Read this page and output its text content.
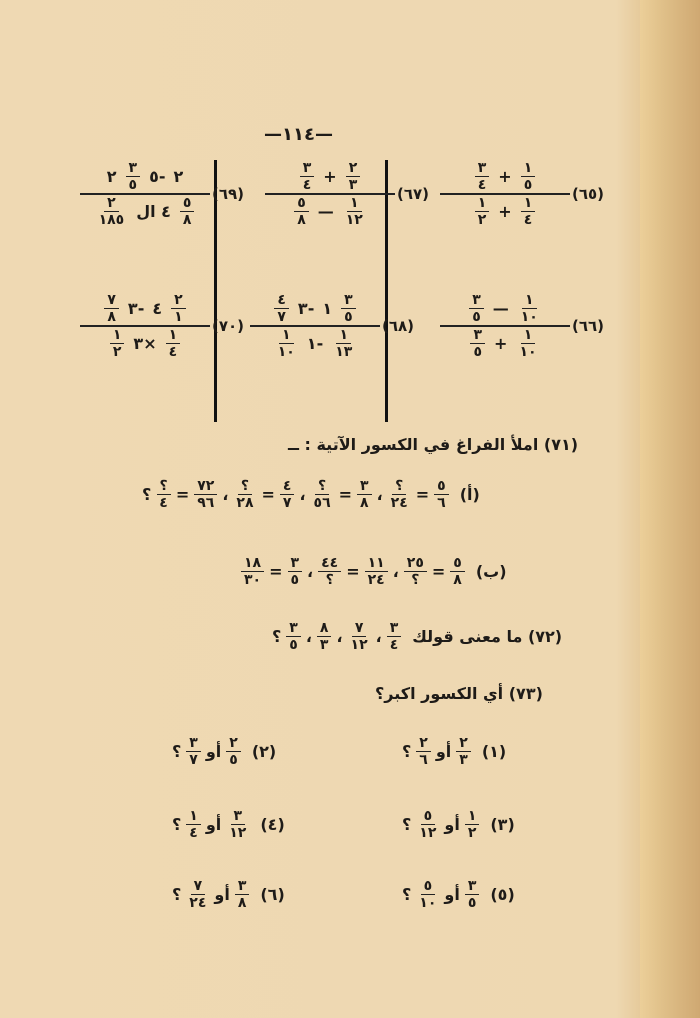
—١١٤—
(٦٥)
١
٥
+
٣
٤
١
٤
+
١
٢
(٦٦)
١
١٠
—
٣
٥
١
١٠
+
٣
٥
(٦٧)
٢
٣
+
٣
٤
١
١٢
—
٥
٨
(٦٨)
٣
٥
١
-٣
٤
٧
١
١٣
-١
١
١٠
(٦٩)
٢
-٥
٣
٥
٢
٥
٨
٤ ال
٢
١٨٥
(٧٠)
٢
١
٤
-٣
٧
٨
١
٤
×٣
١
٢
(٧١) املأ الفراغ في الكسور الآتية : ــ
(أ)
٥
٦
=
؟
٢٤
،
٣
٨
=
؟
٥٦
،
٤
٧
=
؟
٢٨
،
٧٢
٩٦
=
؟
٤
؟
(ب)
٥
٨
=
٢٥
؟
،
١١
٢٤
=
٤٤
؟
،
٣
٥
=
١٨
٣٠
(٧٢) ما معنى قولك
٣
٤
،
٧
١٢
،
٨
٣
،
٣
٥
؟
(٧٣) أي الكسور اكبر؟
(١)
٢
٣
أو
٢
٦
؟
(٢)
٢
٥
أو
٣
٧
؟
(٣)
١
٢
أو
٥
١٢
؟
(٤)
٣
١٢
أو
١
٤
؟
(٥)
٣
٥
أو
٥
١٠
؟
(٦)
٣
٨
أو
٧
٢٤
؟
